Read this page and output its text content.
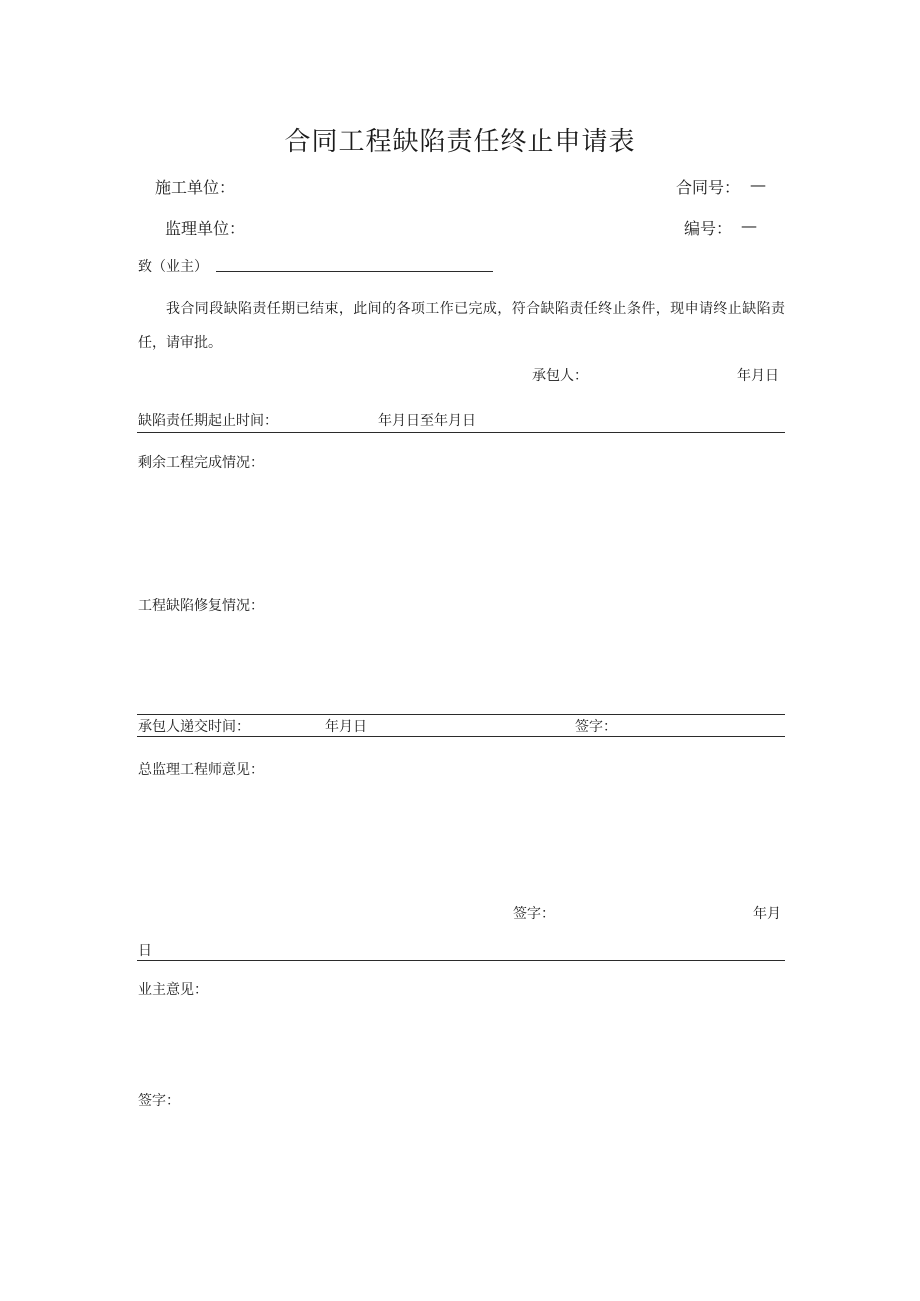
合同工程缺陷责任终止申请表
施工单位：	合同号： —
监理单位：	编号： —
致（业主）
我合同段缺陷责任期已结束，此间的各项工作已完成，符合缺陷责任终止条件，现申请终止缺陷责任，请审批。
承包人：	年月日
缺陷责任期起止时间：	年月日至年月日
剩余工程完成情况：
工程缺陷修复情况：
承包人递交时间：	年月日	签字：
总监理工程师意见：
签字：	年月
日
业主意见：
签字：
